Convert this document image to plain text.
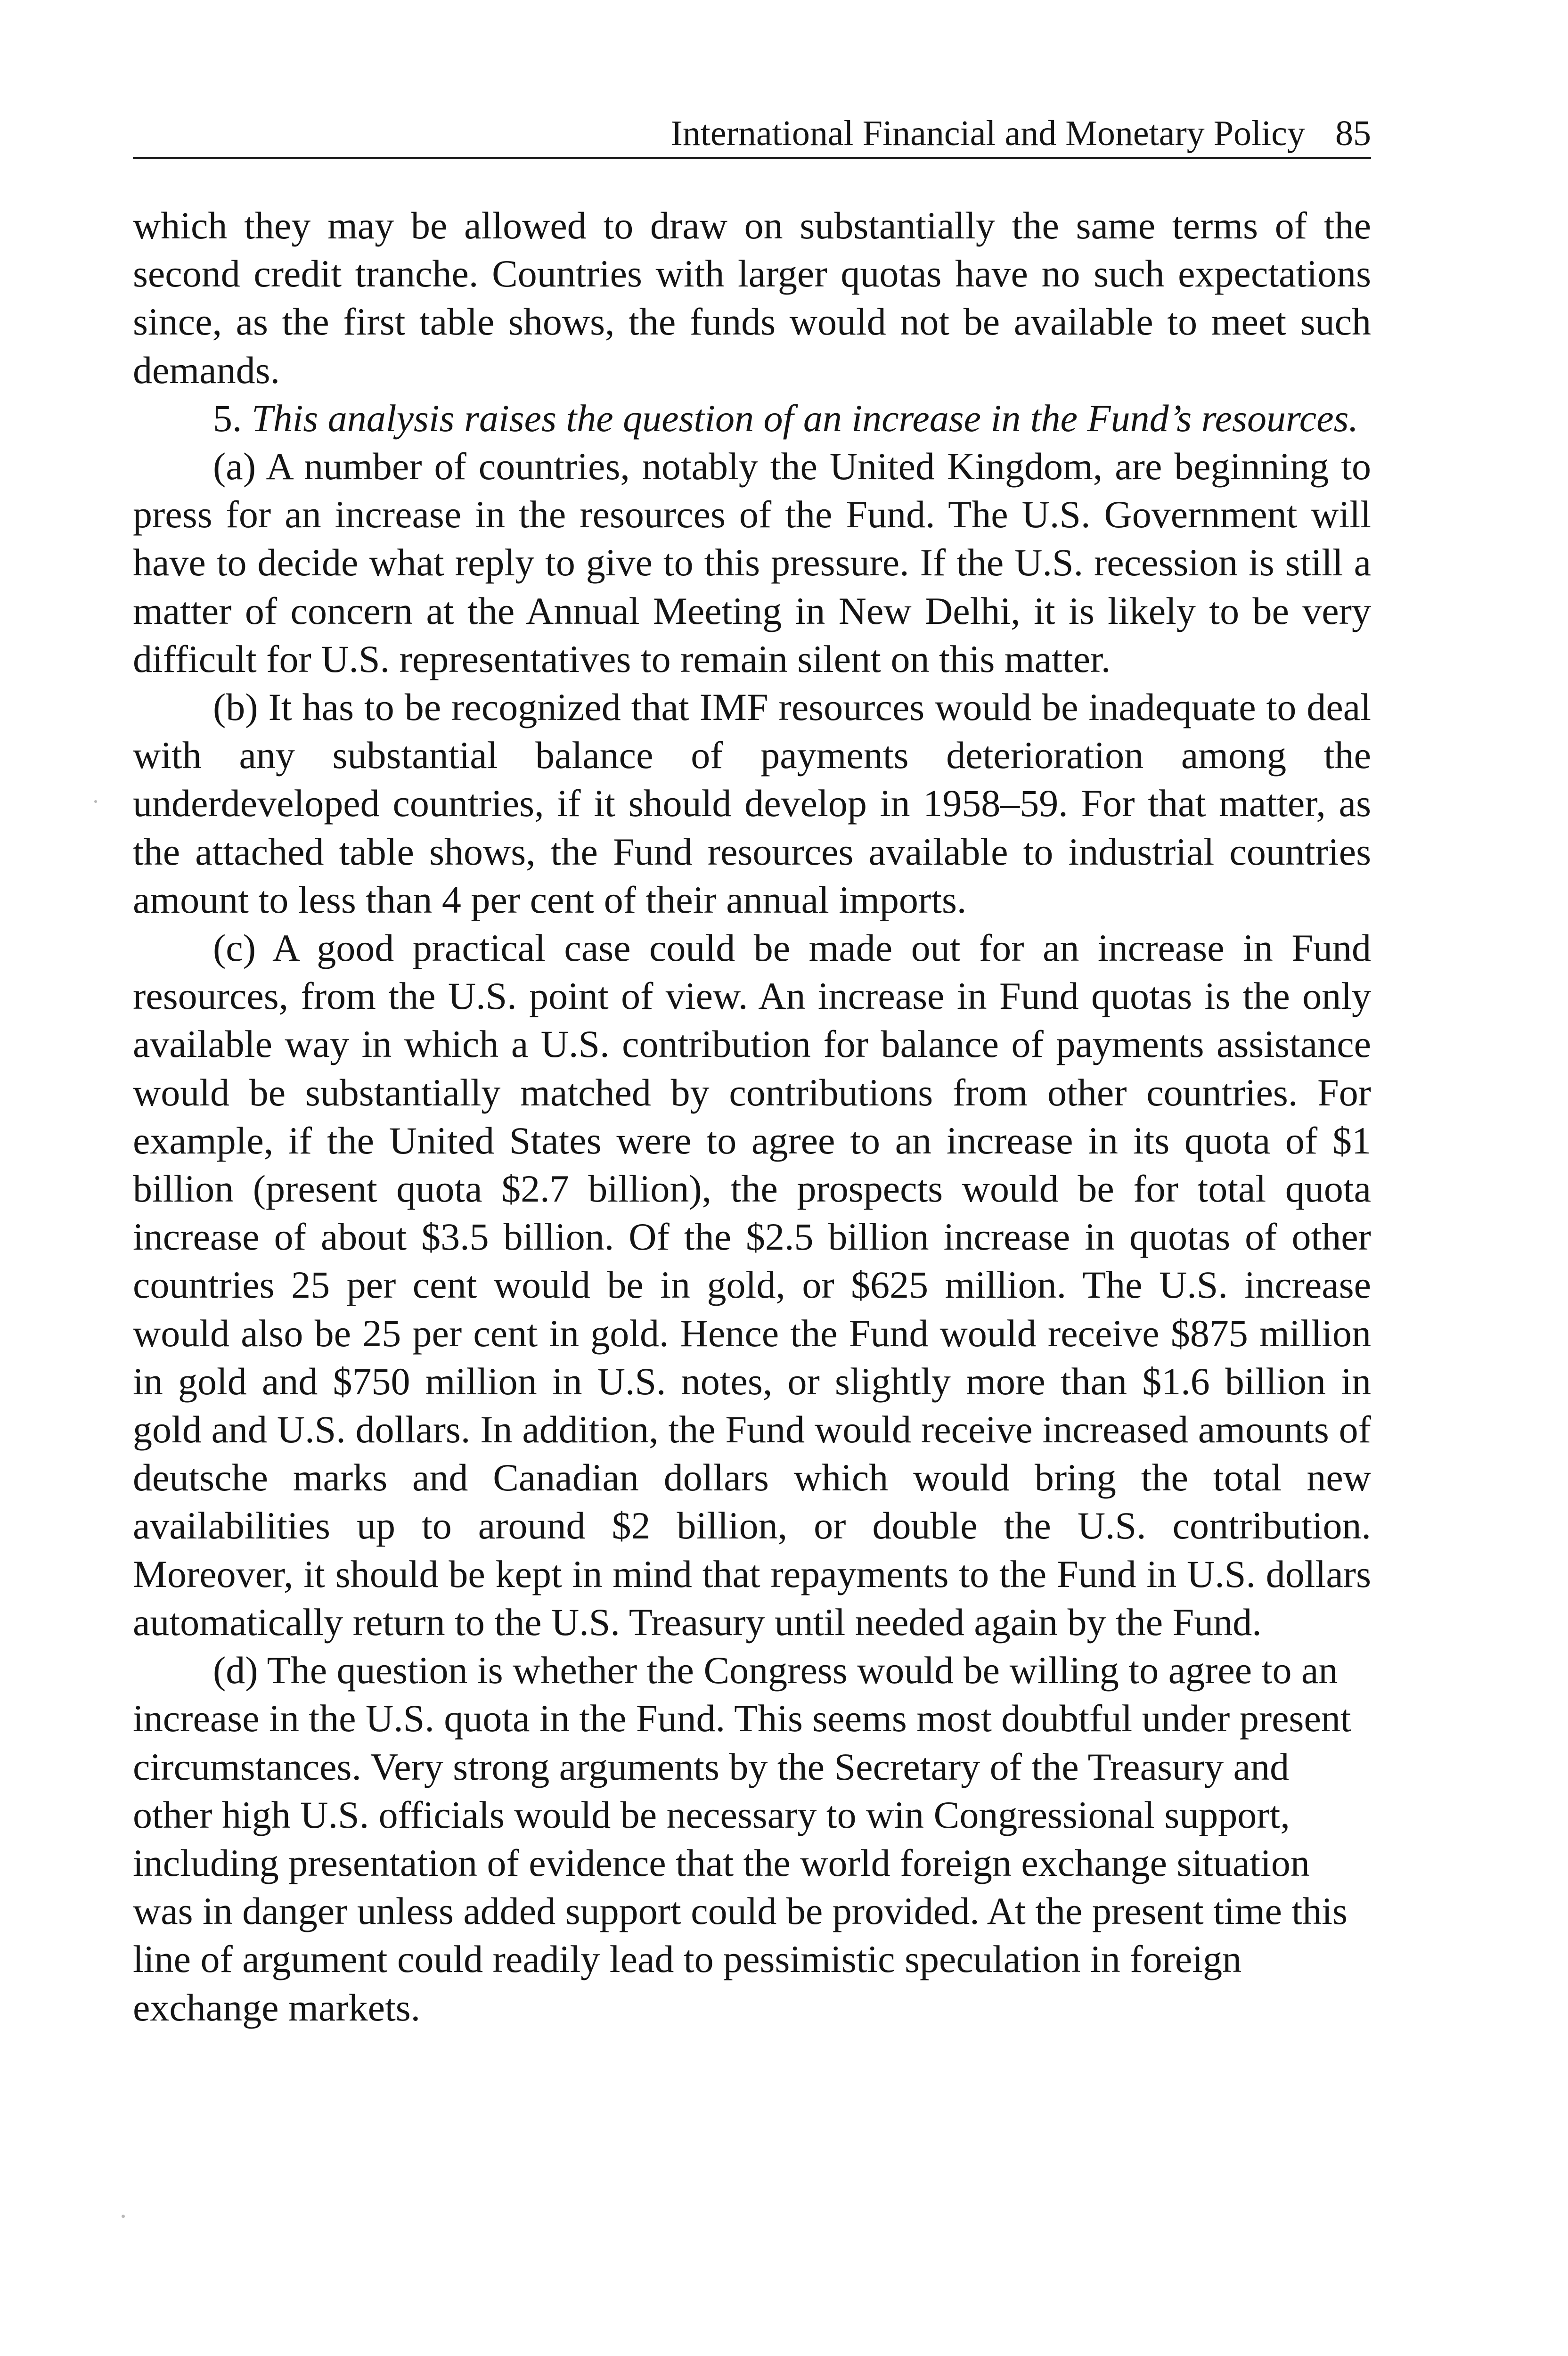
International Financial and Monetary Policy 85

which they may be allowed to draw on substantially the same terms of the second credit tranche. Countries with larger quotas have no such expectations since, as the first table shows, the funds would not be available to meet such demands.

5. This analysis raises the question of an increase in the Fund’s resources.

(a) A number of countries, notably the United Kingdom, are beginning to press for an increase in the resources of the Fund. The U.S. Government will have to decide what reply to give to this pressure. If the U.S. recession is still a matter of concern at the Annual Meeting in New Delhi, it is likely to be very difficult for U.S. representatives to remain silent on this matter.

(b) It has to be recognized that IMF resources would be inadequate to deal with any substantial balance of payments deterioration among the underdeveloped countries, if it should develop in 1958–59. For that matter, as the attached table shows, the Fund resources available to industrial countries amount to less than 4 per cent of their annual imports.

(c) A good practical case could be made out for an increase in Fund resources, from the U.S. point of view. An increase in Fund quotas is the only available way in which a U.S. contribution for balance of payments assistance would be substantially matched by contributions from other countries. For example, if the United States were to agree to an increase in its quota of $1 billion (present quota $2.7 billion), the prospects would be for total quota increase of about $3.5 billion. Of the $2.5 billion increase in quotas of other countries 25 per cent would be in gold, or $625 million. The U.S. increase would also be 25 per cent in gold. Hence the Fund would receive $875 million in gold and $750 million in U.S. notes, or slightly more than $1.6 billion in gold and U.S. dollars. In addition, the Fund would receive increased amounts of deutsche marks and Canadian dollars which would bring the total new availabilities up to around $2 billion, or double the U.S. contribution. Moreover, it should be kept in mind that repayments to the Fund in U.S. dollars automatically return to the U.S. Treasury until needed again by the Fund.

(d) The question is whether the Congress would be willing to agree to an increase in the U.S. quota in the Fund. This seems most doubtful under present circumstances. Very strong arguments by the Secretary of the Treasury and other high U.S. officials would be necessary to win Congressional support, including presentation of evidence that the world foreign exchange situation was in danger unless added support could be provided. At the present time this line of argument could readily lead to pessimistic speculation in foreign exchange markets.
